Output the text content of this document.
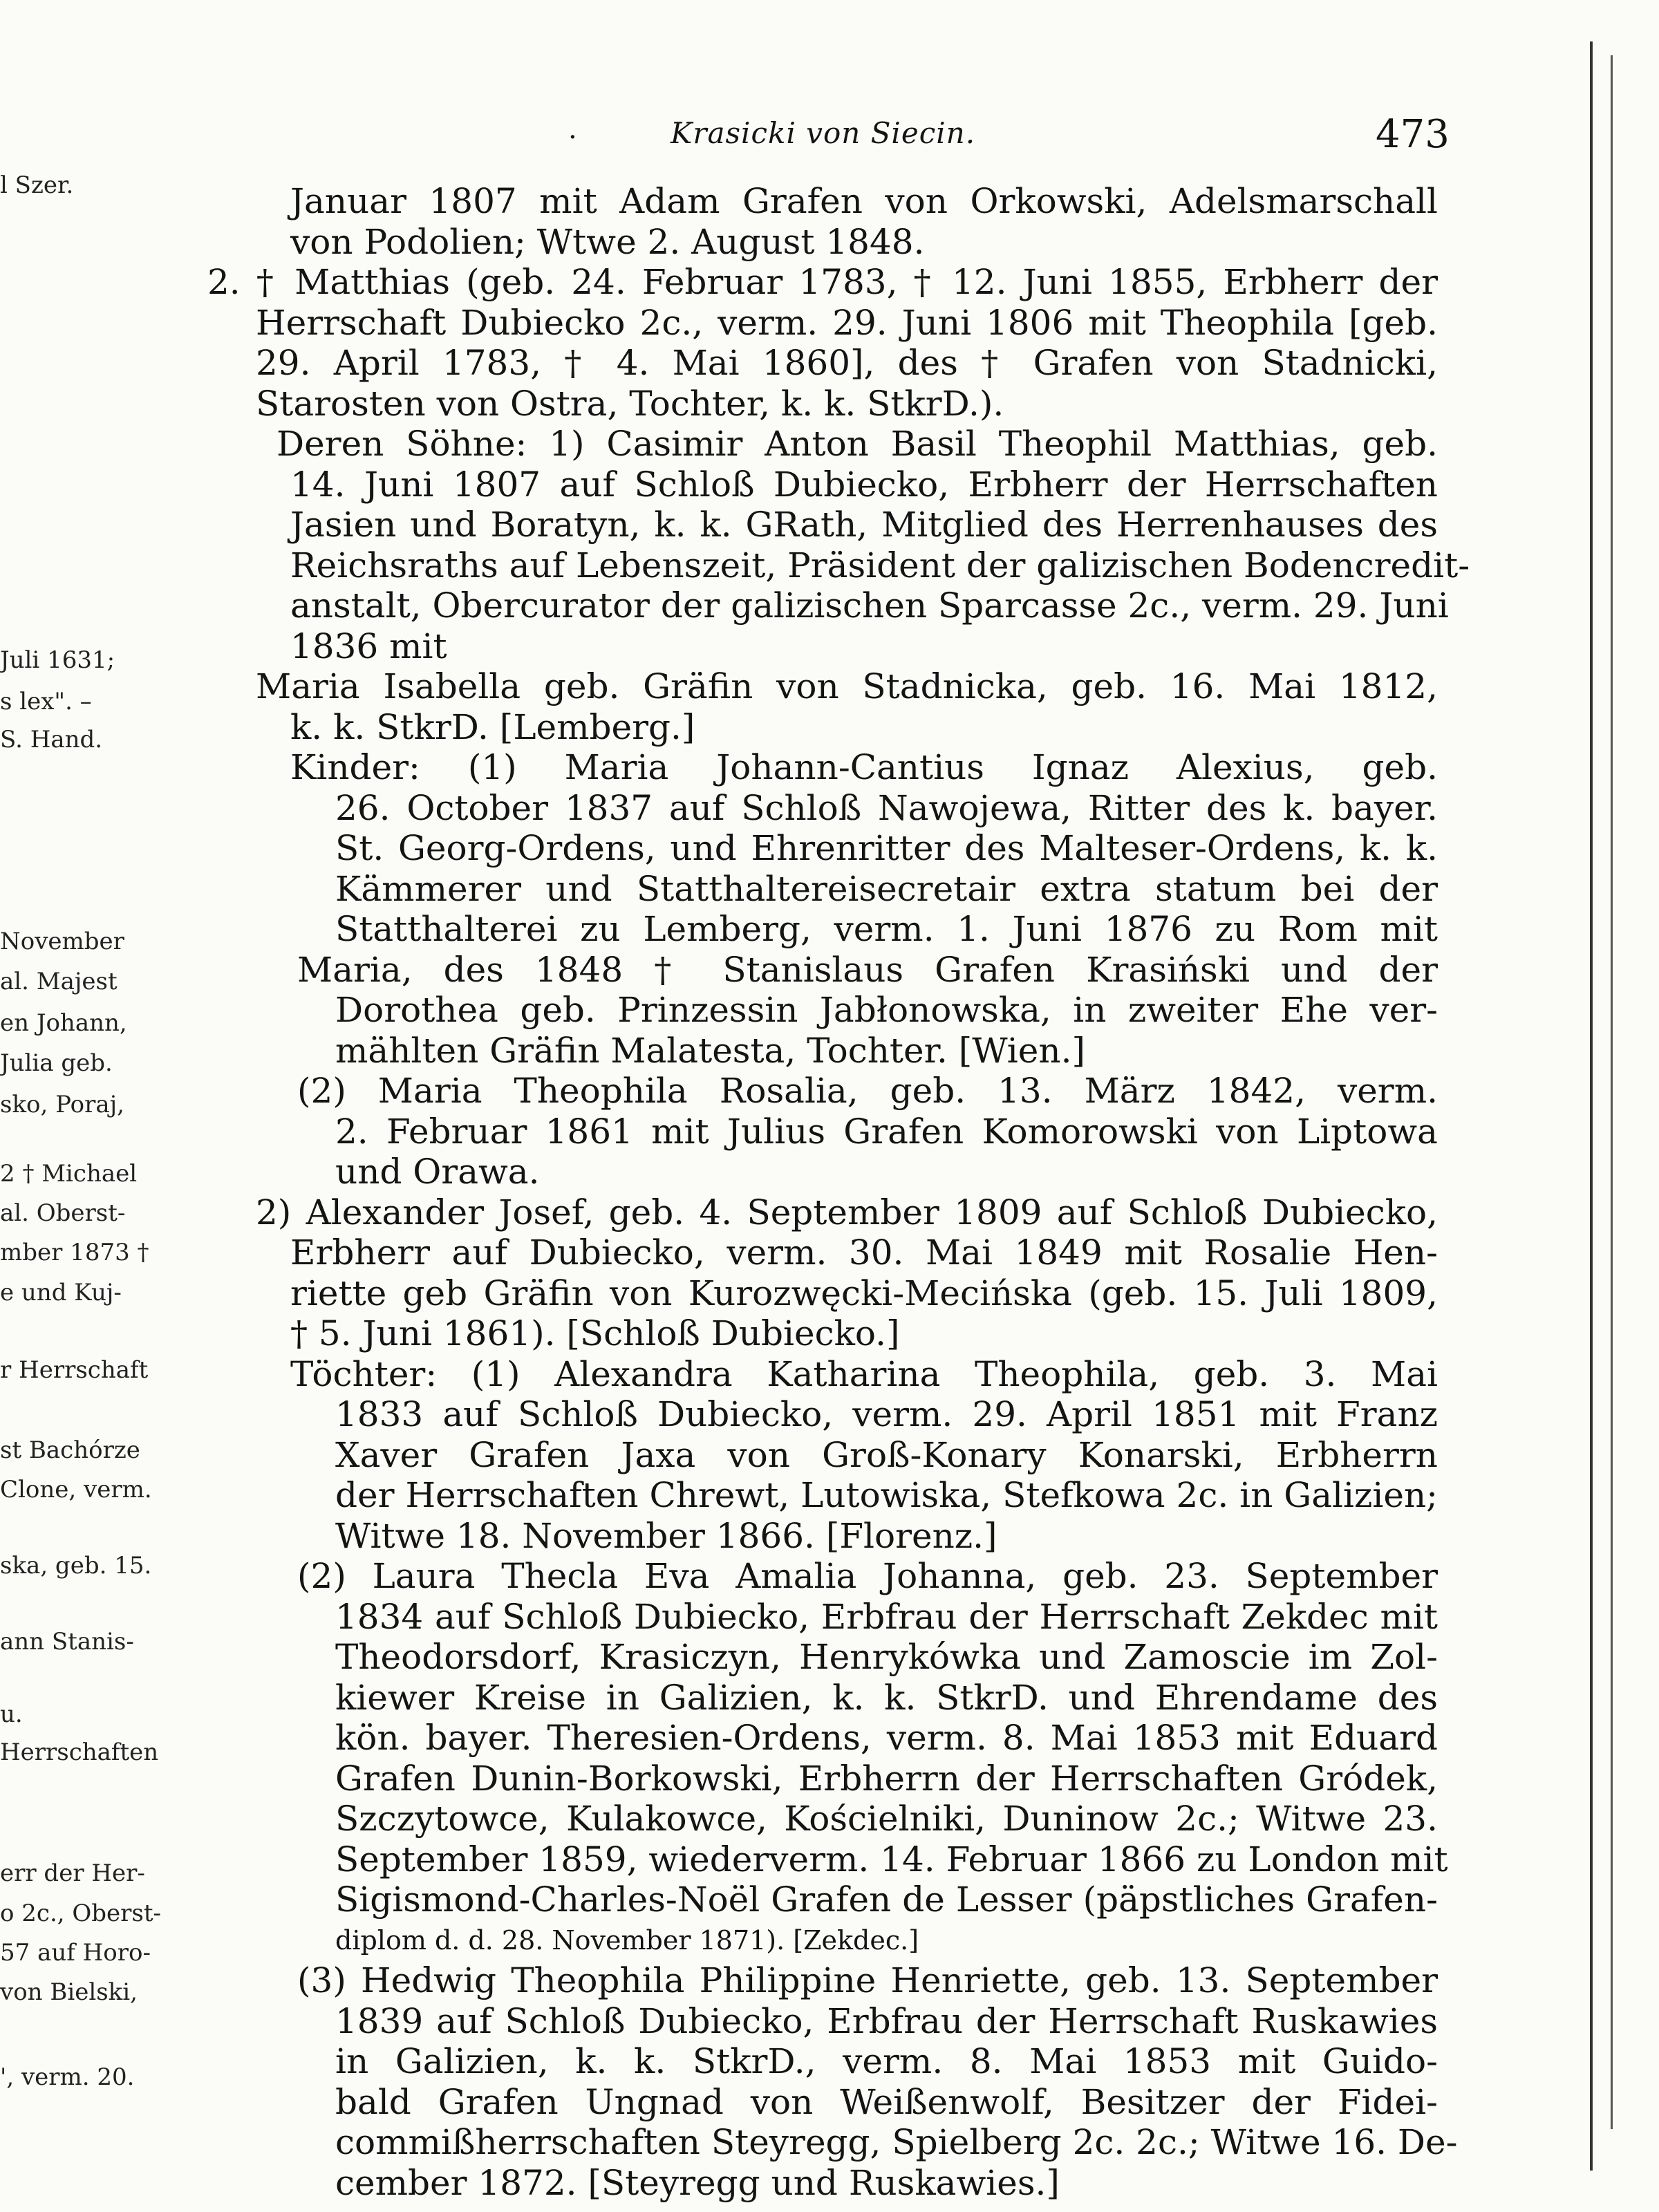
l Szer.
Juli 1631;
s lex". –
S. Hand.
November
al. Majest
en Johann,
Julia geb.
sko, Poraj,
2 † Michael
al. Oberst-
mber 1873 †
e und Kuj-
r Herrschaft
st Bachórze
Clone, verm.
ska, geb. 15.
ann Stanis-
u.
Herrschaften
err der Her-
o 2c., Oberst-
57 auf Horo-
von Bielski,
', verm. 20.
.	Krasicki von Siecin.	473
Januar 1807 mit Adam Grafen von Orkowski, Adelsmarschall
von Podolien; Wtwe 2. August 1848.
2. † Matthias (geb. 24. Februar 1783, † 12. Juni 1855, Erbherr der
Herrschaft Dubiecko 2c., verm. 29. Juni 1806 mit Theophila [geb.
29. April 1783, † 4. Mai 1860], des † Grafen von Stadnicki,
Starosten von Ostra, Tochter, k. k. StkrD.).
Deren Söhne: 1) Casimir Anton Basil Theophil Matthias, geb.
14. Juni 1807 auf Schloß Dubiecko, Erbherr der Herrschaften
Jasien und Boratyn, k. k. GRath, Mitglied des Herrenhauses des
Reichsraths auf Lebenszeit, Präsident der galizischen Bodencredit-
anstalt, Obercurator der galizischen Sparcasse 2c., verm. 29. Juni
1836 mit
Maria Isabella geb. Gräfin von Stadnicka, geb. 16. Mai 1812,
k. k. StkrD. [Lemberg.]
Kinder: (1) Maria Johann-Cantius Ignaz Alexius, geb.
26. October 1837 auf Schloß Nawojewa, Ritter des k. bayer.
St. Georg-Ordens, und Ehrenritter des Malteser-Ordens, k. k.
Kämmerer und Statthaltereisecretair extra statum bei der
Statthalterei zu Lemberg, verm. 1. Juni 1876 zu Rom mit
Maria, des 1848 † Stanislaus Grafen Krasiński und der
Dorothea geb. Prinzessin Jabłonowska, in zweiter Ehe ver-
mählten Gräfin Malatesta, Tochter. [Wien.]
(2) Maria Theophila Rosalia, geb. 13. März 1842, verm.
2. Februar 1861 mit Julius Grafen Komorowski von Liptowa
und Orawa.
2) Alexander Josef, geb. 4. September 1809 auf Schloß Dubiecko,
Erbherr auf Dubiecko, verm. 30. Mai 1849 mit Rosalie Hen-
riette geb Gräfin von Kurozwęcki-Mecińska (geb. 15. Juli 1809,
† 5. Juni 1861). [Schloß Dubiecko.]
Töchter: (1) Alexandra Katharina Theophila, geb. 3. Mai
1833 auf Schloß Dubiecko, verm. 29. April 1851 mit Franz
Xaver Grafen Jaxa von Groß-Konary Konarski, Erbherrn
der Herrschaften Chrewt, Lutowiska, Stefkowa 2c. in Galizien;
Witwe 18. November 1866. [Florenz.]
(2) Laura Thecla Eva Amalia Johanna, geb. 23. September
1834 auf Schloß Dubiecko, Erbfrau der Herrschaft Zekdec mit
Theodorsdorf, Krasiczyn, Henrykówka und Zamoscie im Zol-
kiewer Kreise in Galizien, k. k. StkrD. und Ehrendame des
kön. bayer. Theresien-Ordens, verm. 8. Mai 1853 mit Eduard
Grafen Dunin-Borkowski, Erbherrn der Herrschaften Gródek,
Szczytowce, Kulakowce, Kościelniki, Duninow 2c.; Witwe 23.
September 1859, wiederverm. 14. Februar 1866 zu London mit
Sigismond-Charles-Noël Grafen de Lesser (päpstliches Grafen-
diplom d. d. 28. November 1871). [Zekdec.]
(3) Hedwig Theophila Philippine Henriette, geb. 13. September
1839 auf Schloß Dubiecko, Erbfrau der Herrschaft Ruskawies
in Galizien, k. k. StkrD., verm. 8. Mai 1853 mit Guido-
bald Grafen Ungnad von Weißenwolf, Besitzer der Fidei-
commißherrschaften Steyregg, Spielberg 2c. 2c.; Witwe 16. De-
cember 1872. [Steyregg und Ruskawies.]
